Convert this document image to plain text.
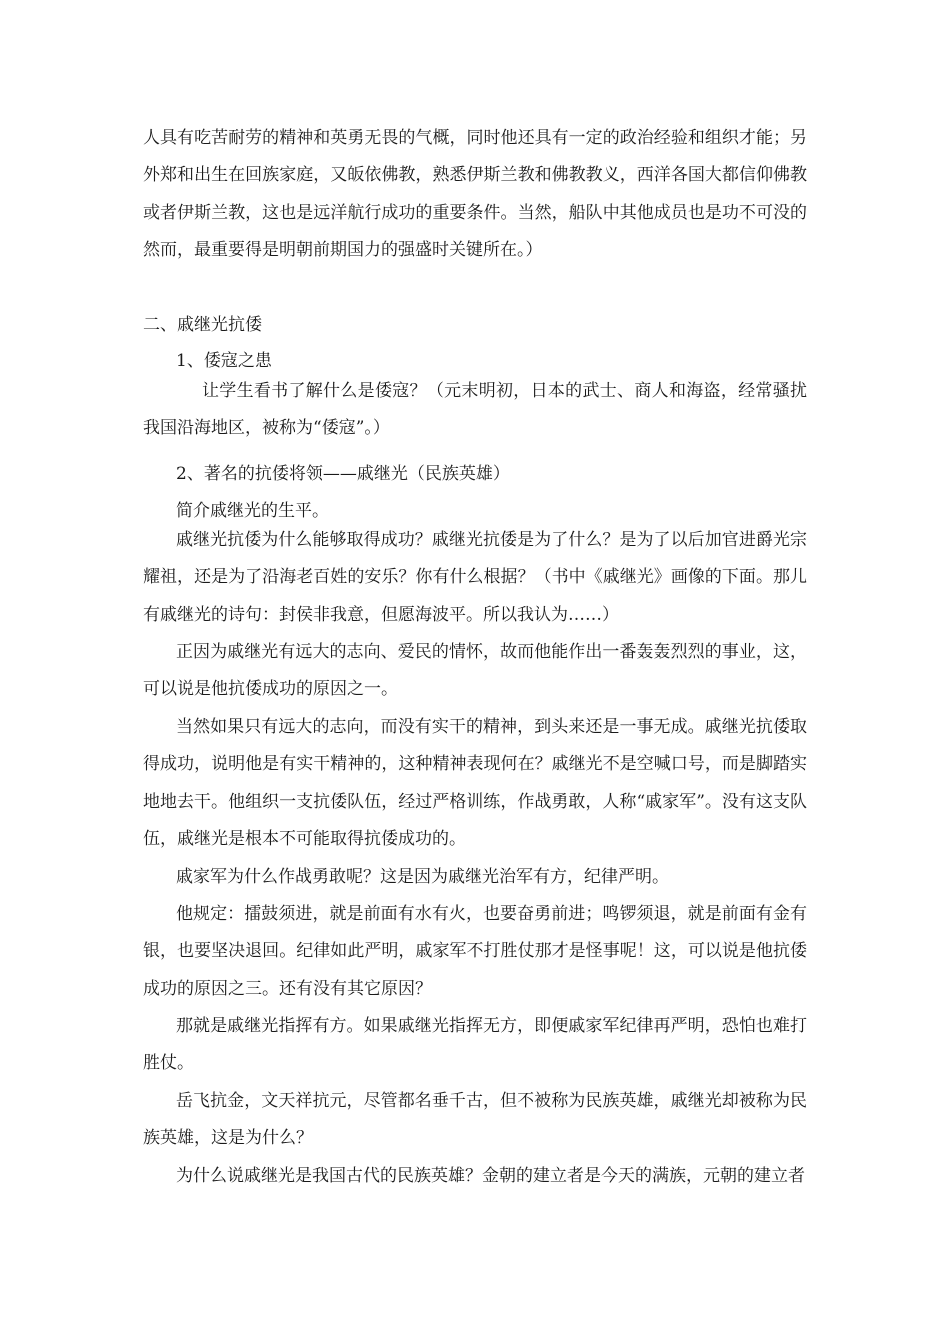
人具有吃苦耐劳的精神和英勇无畏的气概，同时他还具有一定的政治经验和组织才能；另外郑和出生在回族家庭，又皈依佛教，熟悉伊斯兰教和佛教教义，西洋各国大都信仰佛教或者伊斯兰教，这也是远洋航行成功的重要条件。当然，船队中其他成员也是功不可没的然而，最重要得是明朝前期国力的强盛时关键所在。）

二、戚继光抗倭

1、倭寇之患

让学生看书了解什么是倭寇？（元末明初，日本的武士、商人和海盗，经常骚扰我国沿海地区，被称为“倭寇”。）

2、著名的抗倭将领——戚继光（民族英雄）

简介戚继光的生平。

戚继光抗倭为什么能够取得成功？戚继光抗倭是为了什么？是为了以后加官进爵光宗耀祖，还是为了沿海老百姓的安乐？你有什么根据？（书中《戚继光》画像的下面。那儿有戚继光的诗句：封侯非我意，但愿海波平。所以我认为……）

正因为戚继光有远大的志向、爱民的情怀，故而他能作出一番轰轰烈烈的事业，这，可以说是他抗倭成功的原因之一。

当然如果只有远大的志向，而没有实干的精神，到头来还是一事无成。戚继光抗倭取得成功，说明他是有实干精神的，这种精神表现何在？戚继光不是空喊口号，而是脚踏实地地去干。他组织一支抗倭队伍，经过严格训练，作战勇敢，人称“戚家军”。没有这支队伍，戚继光是根本不可能取得抗倭成功的。

戚家军为什么作战勇敢呢？这是因为戚继光治军有方，纪律严明。

他规定：擂鼓须进，就是前面有水有火，也要奋勇前进；鸣锣须退，就是前面有金有银，也要坚决退回。纪律如此严明，戚家军不打胜仗那才是怪事呢！这，可以说是他抗倭成功的原因之三。还有没有其它原因？

那就是戚继光指挥有方。如果戚继光指挥无方，即便戚家军纪律再严明，恐怕也难打胜仗。

岳飞抗金，文天祥抗元，尽管都名垂千古，但不被称为民族英雄，戚继光却被称为民族英雄，这是为什么？

为什么说戚继光是我国古代的民族英雄？金朝的建立者是今天的满族，元朝的建立者
